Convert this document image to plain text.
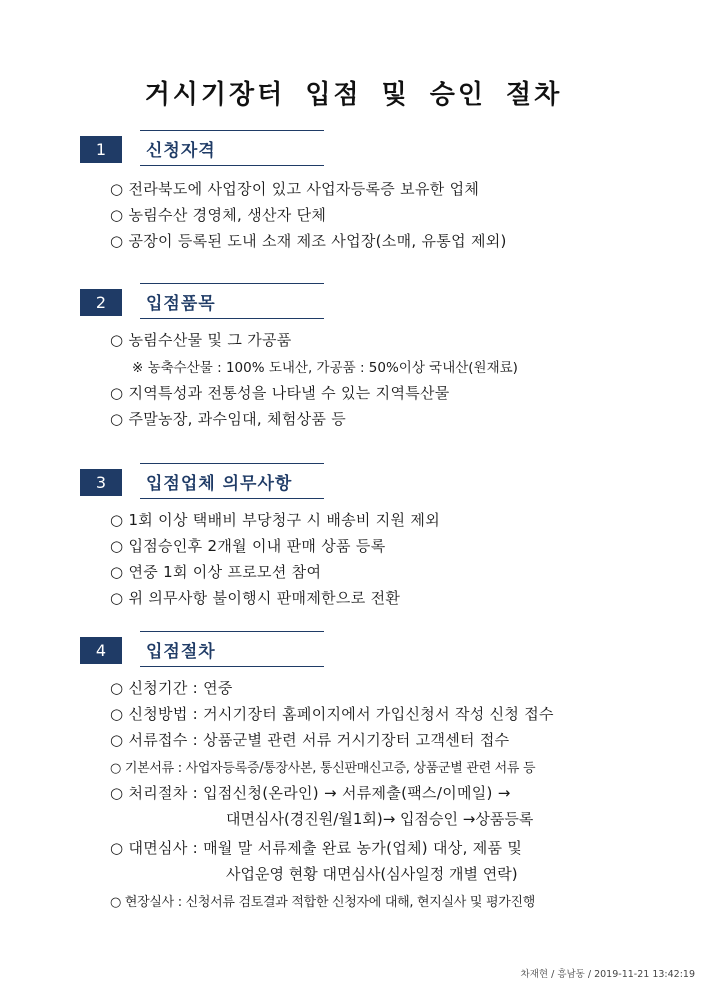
거시기장터 입점 및 승인 절차
1	신청자격
○ 전라북도에 사업장이 있고 사업자등록증 보유한 업체
○ 농림수산 경영체, 생산자 단체
○ 공장이 등록된 도내 소재 제조 사업장(소매, 유통업 제외)
2	입점품목
○ 농림수산물 및 그 가공품
※ 농축수산물 : 100% 도내산, 가공품 : 50%이상 국내산(원재료)
○ 지역특성과 전통성을 나타낼 수 있는 지역특산물
○ 주말농장, 과수임대, 체험상품 등
3	입점업체 의무사항
○ 1회 이상 택배비 부당청구 시 배송비 지원 제외
○ 입점승인후 2개월 이내 판매 상품 등록
○ 연중 1회 이상 프로모션 참여
○ 위 의무사항 불이행시 판매제한으로 전환
4	입점절차
○ 신청기간 : 연중
○ 신청방법 : 거시기장터 홈페이지에서 가입신청서 작성 신청 접수
○ 서류접수 : 상품군별 관련 서류 거시기장터 고객센터 접수
○ 기본서류 : 사업자등록증/통장사본, 통신판매신고증, 상품군별 관련 서류 등
○ 처리절차 : 입점신청(온라인) → 서류제출(팩스/이메일) →
대면심사(경진원/월1회)→ 입점승인 →상품등록
○ 대면심사 : 매월 말 서류제출 완료 농가(업체) 대상, 제품 및
사업운영 현황 대면심사(심사일정 개별 연락)
○ 현장실사 : 신청서류 검토결과 적합한 신청자에 대해, 현지실사 및 평가진행
차재현 / 흥남동 / 2019-11-21 13:42:19
